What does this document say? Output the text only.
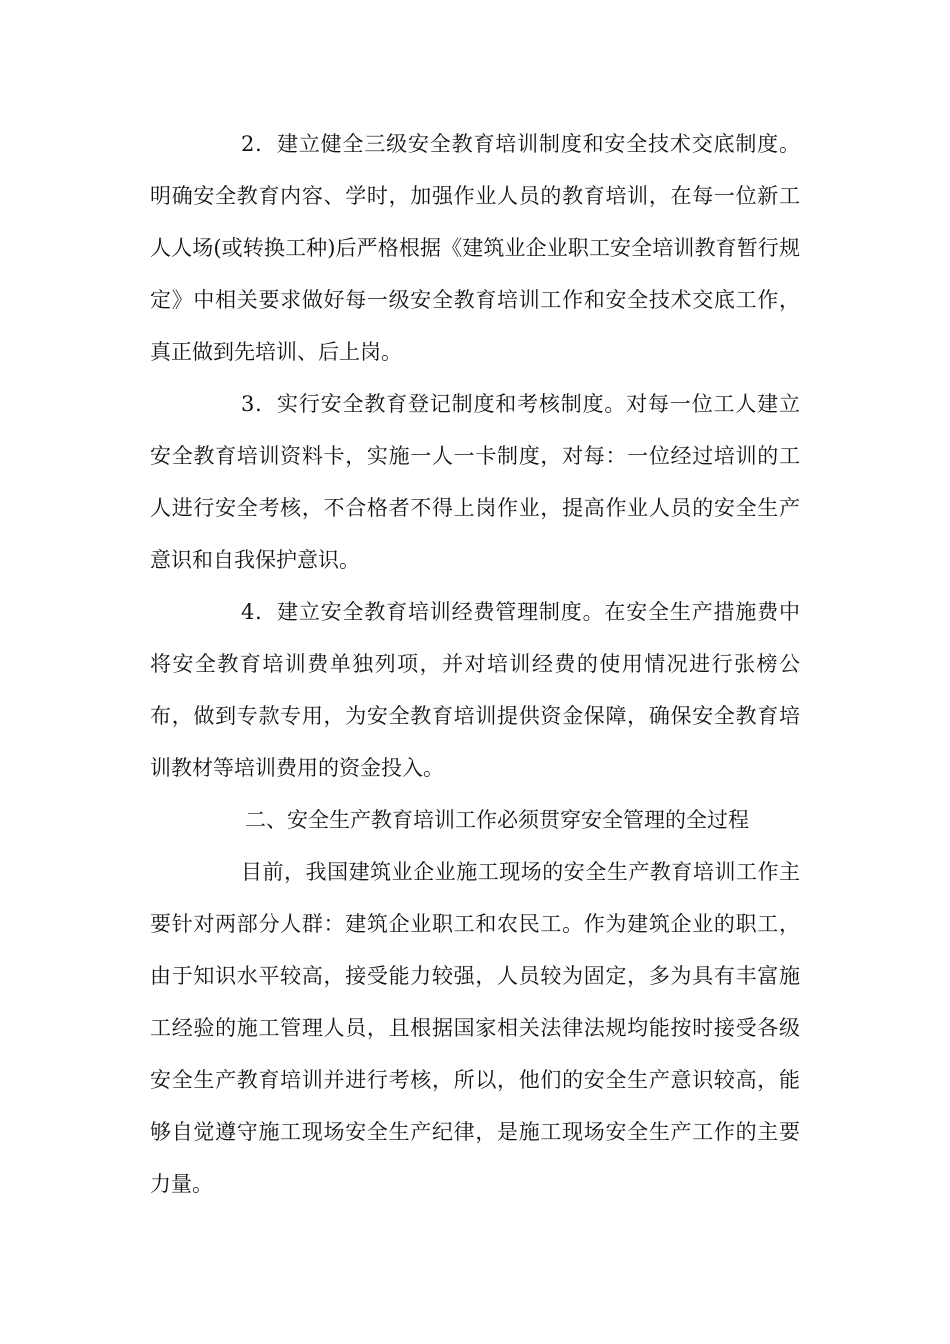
2．建立健全三级安全教育培训制度和安全技术交底制度。明确安全教育内容、学时，加强作业人员的教育培训，在每一位新工人人场(或转换工种)后严格根据《建筑业企业职工安全培训教育暂行规定》中相关要求做好每一级安全教育培训工作和安全技术交底工作，真正做到先培训、后上岗。

3．实行安全教育登记制度和考核制度。对每一位工人建立安全教育培训资料卡，实施一人一卡制度，对每：一位经过培训的工人进行安全考核，不合格者不得上岗作业，提高作业人员的安全生产意识和自我保护意识。

4．建立安全教育培训经费管理制度。在安全生产措施费中将安全教育培训费单独列项，并对培训经费的使用情况进行张榜公布，做到专款专用，为安全教育培训提供资金保障，确保安全教育培训教材等培训费用的资金投入。

二、安全生产教育培训工作必须贯穿安全管理的全过程

目前，我国建筑业企业施工现场的安全生产教育培训工作主要针对两部分人群：建筑企业职工和农民工。作为建筑企业的职工，由于知识水平较高，接受能力较强，人员较为固定，多为具有丰富施工经验的施工管理人员，且根据国家相关法律法规均能按时接受各级安全生产教育培训并进行考核，所以，他们的安全生产意识较高，能够自觉遵守施工现场安全生产纪律，是施工现场安全生产工作的主要力量。
